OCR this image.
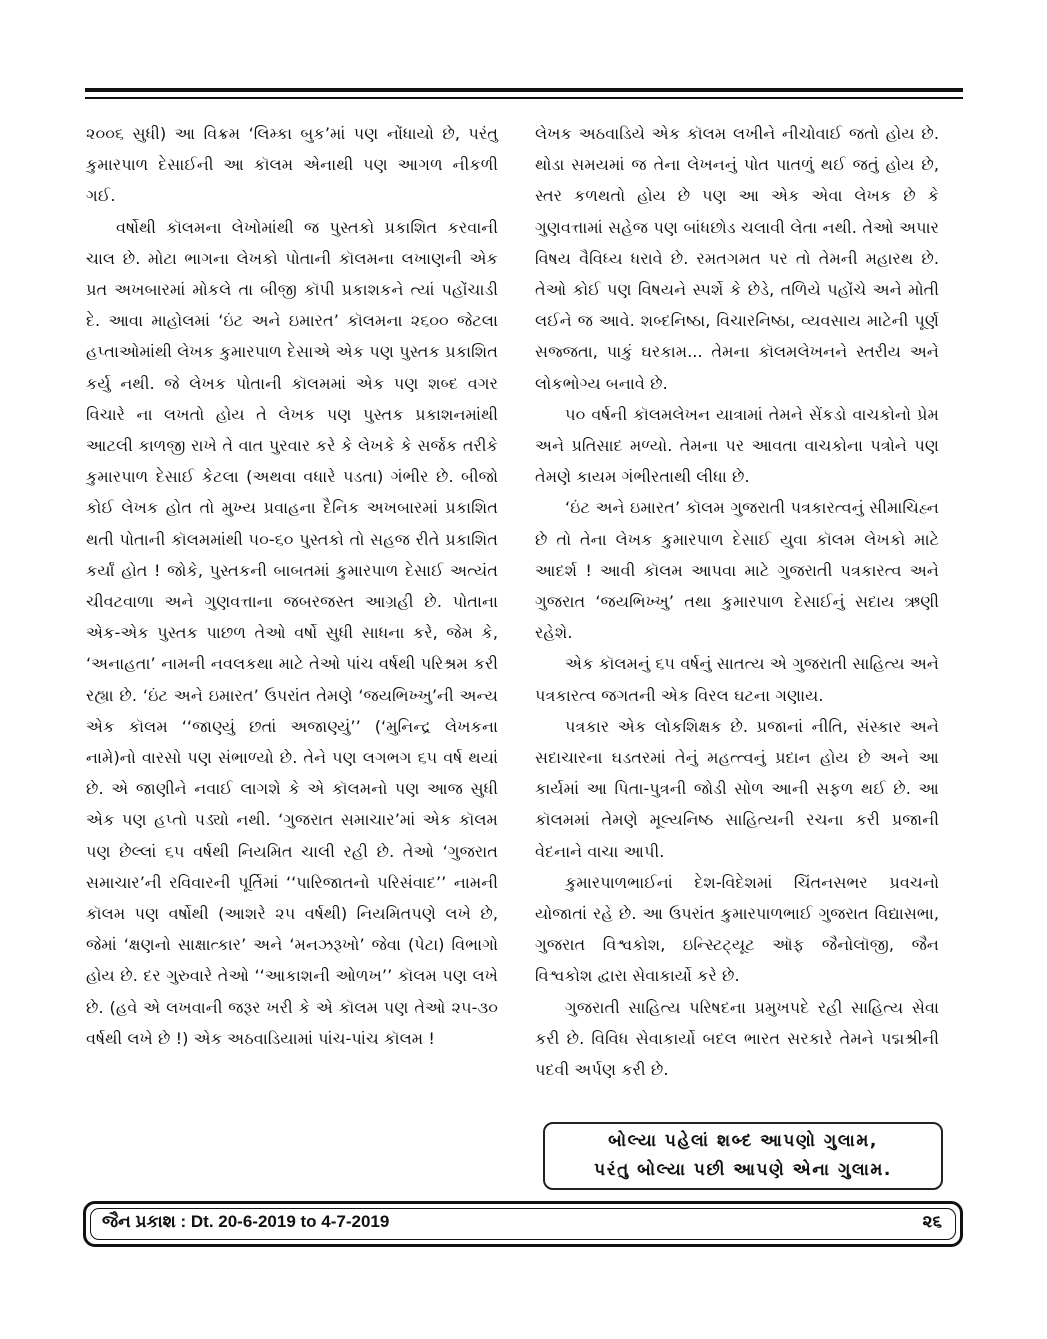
૨૦૦૬ સુધી) આ વિક્રમ ‘લિમ્કા બુક’માં પણ નોંધાયો છે, પરંતુ કુમારપાળ દેસાઈની આ કૉલમ એનાથી પણ આગળ નીકળી ગઈ.

વર્ષોથી કૉલમના લેખોમાંથી જ પુસ્તકો પ્રકાશિત કરવાની ચાલ છે. મોટા ભાગના લેખકો પોતાની કૉલમના લખાણની એક પ્રત અખબારમાં મોકલે તા બીજી કૉપી પ્રકાશકને ત્યાં પહોંચાડી દે. આવા માહોલમાં ‘ઇંટ અને ઇમારત’ કૉલમના ૨૬૦૦ જેટલા હપ્તાઓમાંથી લેખક કુમારપાળ દેસાએ એક પણ પુસ્તક પ્રકાશિત કર્યુ નથી. જે લેખક પોતાની કૉલમમાં એક પણ શબ્દ વગર વિચારે ના લખતો હોય તે લેખક પણ પુસ્તક પ્રકાશનમાંથી આટલી કાળજી રાખે તે વાત પુરવાર કરે કે લેખકે કે સર્જક તરીકે કુમારપાળ દેસાઈ કેટલા (અથવા વધારે પડતા) ગંભીર છે. બીજો કોઈ લેખક હોત તો મુખ્ય પ્રવાહના દૈનિક અખબારમાં પ્રકાશિત થતી પોતાની કૉલમમાંથી ૫૦-૬૦ પુસ્તકો તો સહજ રીતે પ્રકાશિત કર્યાં હોત ! જોકે, પુસ્તકની બાબતમાં કુમારપાળ દેસાઈ અત્યંત ચીવટવાળા અને ગુણવત્તાના જબરજસ્ત આગ્રહી છે. પોતાના એક-એક પુસ્તક પાછળ તેઓ વર્ષો સુધી સાધના કરે, જેમ કે, ‘અનાહતા’ નામની નવલકથા માટે તેઓ પાંચ વર્ષથી પરિશ્રમ કરી રહ્યા છે. ‘ઇંટ અને ઇમારત’ ઉપરાંત તેમણે ‘જયભિખ્ખુ’ની અન્ય એક કૉલમ ‘‘જાણ્યું છતાં અજાણ્યું’’ (‘મુનિન્દ્ર લેખકના નામે)નો વારસો પણ સંભાળ્યો છે. તેને પણ લગભગ ૬૫ વર્ષ થયાં છે. એ જાણીને નવાઈ લાગશે કે એ કૉલમનો પણ આજ સુધી એક પણ હપ્તો પડ્યો નથી. ‘ગુજરાત સમાચાર’માં એક કૉલમ પણ છેલ્લાં ૬૫ વર્ષથી નિયમિત ચાલી રહી છે. તેઓ ‘ગુજરાત સમાચાર’ની રવિવારની પૂર્તિમાં ‘‘પારિજાતનો પરિસંવાદ’’ નામની કૉલમ પણ વર્ષોથી (આશરે ૨૫ વર્ષથી) નિયમિતપણે લખે છે, જેમાં ‘ક્ષણનો સાક્ષાત્કાર’ અને ‘મનઝરૂખો’ જેવા (પેટા) વિભાગો હોય છે. દર ગુરુવારે તેઓ ‘‘આકાશની ઓળખ’’ કૉલમ પણ લખે છે. (હવે એ લખવાની જરૂર ખરી કે એ કૉલમ પણ તેઓ ૨૫-૩૦ વર્ષથી લખે છે !) એક અઠવાડિયામાં પાંચ-પાંચ કૉલમ !

લેખક અઠવાડિયે એક કૉલમ લખીને નીચોવાઈ જતો હોય છે. થોડા સમયમાં જ તેના લેખનનું પોત પાતળું થઈ જતું હોય છે, સ્તર કળથતો હોય છે પણ આ એક એવા લેખક છે કે ગુણવત્તામાં સહેજ પણ બાંધછોડ ચલાવી લેતા નથી. તેઓ અપાર વિષય વૈવિધ્ય ધરાવે છે. રમતગમત પર તો તેમની મહારથ છે. તેઓ કોઈ પણ વિષયને સ્પર્શે કે છેડે, તળિયે પહોંચે અને મોતી લઈને જ આવે. શબ્દનિષ્ઠા, વિચારનિષ્ઠા, વ્યવસાય માટેની પૂર્ણ સજ્જતા, પાકું ઘરકામ... તેમના કૉલમલેખનને સ્તરીય અને લોકભોગ્ય બનાવે છે.

૫૦ વર્ષની કૉલમલેખન યાત્રામાં તેમને સેંકડો વાચકોનો પ્રેમ અને પ્રતિસાદ મળ્યો. તેમના પર આવતા વાચકોના પત્રોને પણ તેમણે કાયમ ગંભીરતાથી લીધા છે.

‘ઇંટ અને ઇમારત’ કૉલમ ગુજરાતી પત્રકારત્વનું સીમાચિહ્ન છે તો તેના લેખક કુમારપાળ દેસાઈ યુવા કૉલમ લેખકો માટે આદર્શ ! આવી કૉલમ આપવા માટે ગુજરાતી પત્રકારત્વ અને ગુજરાત ‘જયભિખ્ખુ’ તથા કુમારપાળ દેસાઈનું સદાય ઋણી રહેશે.

એક કૉલમનું ૬૫ વર્ષનું સાતત્ય એ ગુજરાતી સાહિત્ય અને પત્રકારત્વ જગતની એક વિરલ ઘટના ગણાય.

પત્રકાર એક લોકશિક્ષક છે. પ્રજાનાં નીતિ, સંસ્કાર અને સદાચારના ઘડતરમાં તેનું મહત્ત્વનું પ્રદાન હોય છે અને આ કાર્યમાં આ પિતા-પુત્રની જોડી સોળ આની સફળ થઈ છે. આ કૉલમમાં તેમણે મૂલ્યનિષ્ઠ સાહિત્યની રચના કરી પ્રજાની વેદનાને વાચા આપી.

કુમારપાળભાઈનાં દેશ-વિદેશમાં ચિંતનસભર પ્રવચનો યોજાતાં રહે છે. આ ઉપરાંત કુમારપાળભાઈ ગુજરાત વિદ્યાસભા, ગુજરાત વિશ્વકોશ, ઇન્સ્ટિટ્યૂટ ઑફ જૈનોલૉજી, જૈન વિશ્વકોશ દ્વારા સેવાકાર્યો કરે છે.

ગુજરાતી સાહિત્ય પરિષદના પ્રમુખપદે રહી સાહિત્ય સેવા કરી છે. વિવિધ સેવાકાર્યો બદલ ભારત સરકારે તેમને પદ્મશ્રીની પદવી અર્પણ કરી છે.

બોલ્યા પહેલાં શબ્દ આપણો ગુલામ,
પરંતુ બોલ્યા પછી આપણે એના ગુલામ.
જૈન પ્રકાશ : Dt. 20-6-2019 to 4-7-2019	૨૬
